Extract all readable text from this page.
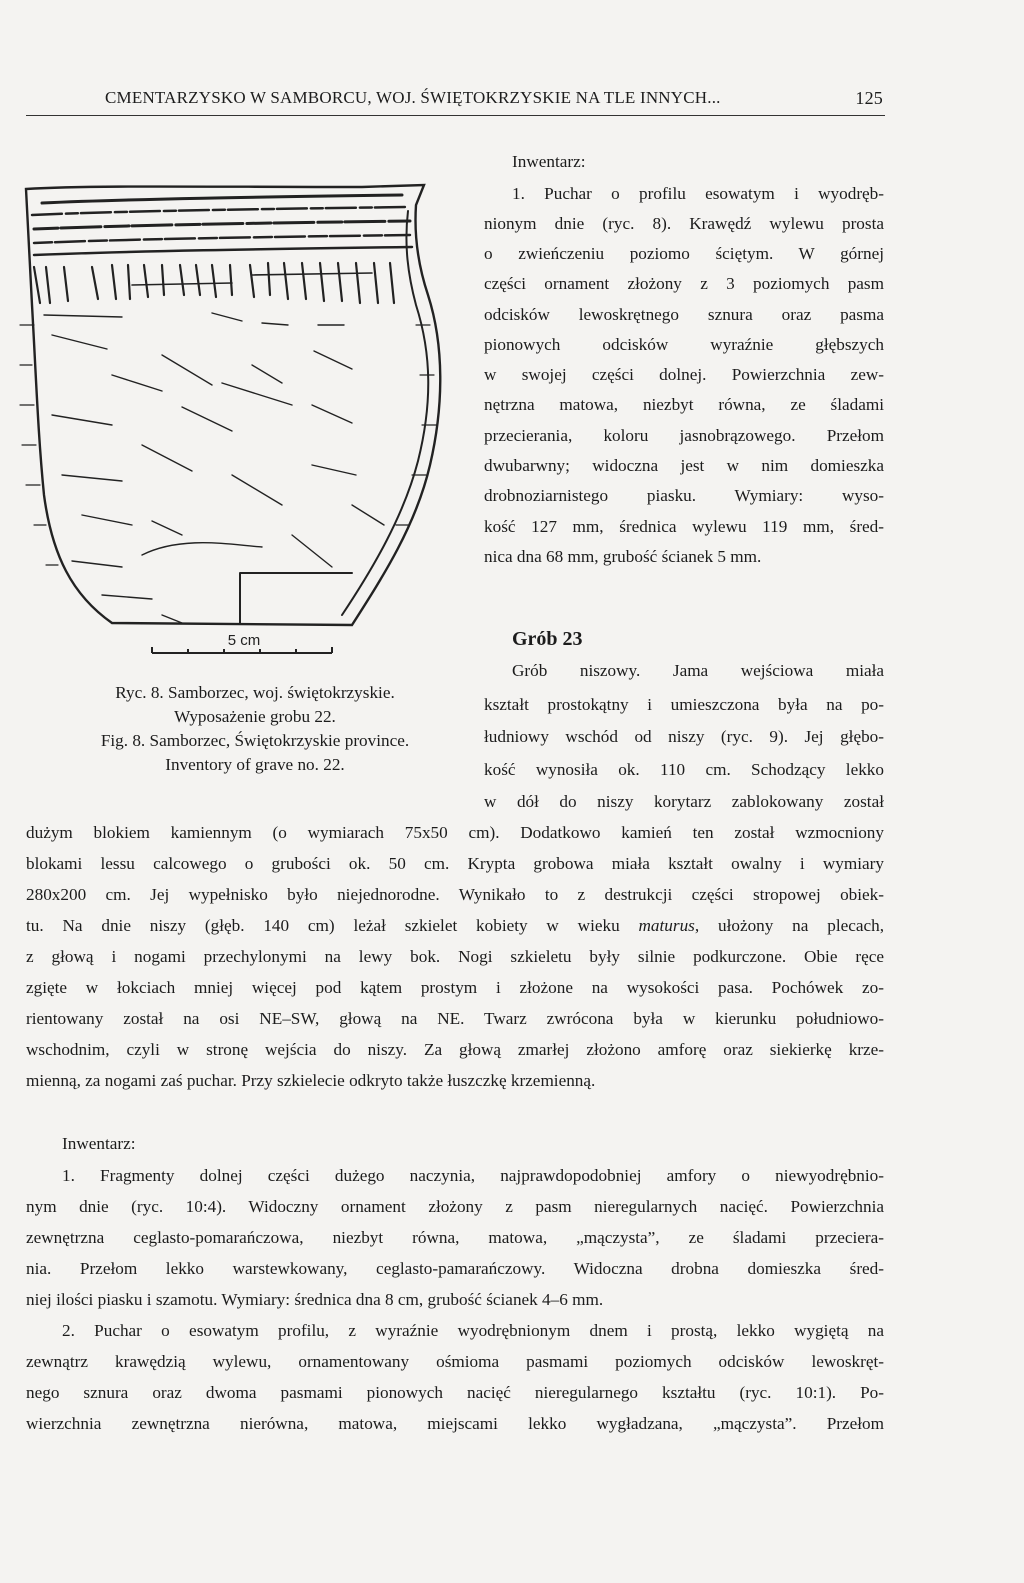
CMENTARZYSKO W SAMBORCU, WOJ. ŚWIĘTOKRZYSKIE NA TLE INNYCH...	125
5 cm
Ryc. 8. Samborzec, woj. świętokrzyskie.
Wyposażenie grobu 22.
Fig. 8. Samborzec, Świętokrzyskie province.
Inventory of grave no. 22.
Inwentarz:
1. Puchar o profilu esowatym i wyodręb-
nionym dnie (ryc. 8). Krawędź wylewu prosta
o zwieńczeniu poziomo ściętym. W górnej
części ornament złożony z 3 poziomych pasm
odcisków lewoskrętnego sznura oraz pasma
pionowych odcisków wyraźnie głębszych
w swojej części dolnej. Powierzchnia zew-
nętrzna matowa, niezbyt równa, ze śladami
przecierania, koloru jasnobrązowego. Przełom
dwubarwny; widoczna jest w nim domieszka
drobnoziarnistego piasku. Wymiary: wyso-
kość 127 mm, średnica wylewu 119 mm, śred-
nica dna 68 mm, grubość ścianek 5 mm.
Grób 23
Grób niszowy. Jama wejściowa miała
kształt prostokątny i umieszczona była na po-
łudniowy wschód od niszy (ryc. 9). Jej głębo-
kość wynosiła ok. 110 cm. Schodzący lekko
w dół do niszy korytarz zablokowany został
dużym blokiem kamiennym (o wymiarach 75x50 cm). Dodatkowo kamień ten został wzmocniony
blokami lessu calcowego o grubości ok. 50 cm. Krypta grobowa miała kształt owalny i wymiary
280x200 cm. Jej wypełnisko było niejednorodne. Wynikało to z destrukcji części stropowej obiek-
tu. Na dnie niszy (głęb. 140 cm) leżał szkielet kobiety w wieku maturus, ułożony na plecach,
z głową i nogami przechylonymi na lewy bok. Nogi szkieletu były silnie podkurczone. Obie ręce
zgięte w łokciach mniej więcej pod kątem prostym i złożone na wysokości pasa. Pochówek zo-
rientowany został na osi NE–SW, głową na NE. Twarz zwrócona była w kierunku południowo-
wschodnim, czyli w stronę wejścia do niszy. Za głową zmarłej złożono amforę oraz siekierkę krze-
mienną, za nogami zaś puchar. Przy szkielecie odkryto także łuszczkę krzemienną.
Inwentarz:
1. Fragmenty dolnej części dużego naczynia, najprawdopodobniej amfory o niewyodrębnio-
nym dnie (ryc. 10:4). Widoczny ornament złożony z pasm nieregularnych nacięć. Powierzchnia
zewnętrzna ceglasto-pomarańczowa, niezbyt równa, matowa, „mączysta”, ze śladami przeciera-
nia. Przełom lekko warstewkowany, ceglasto-pamarańczowy. Widoczna drobna domieszka śred-
niej ilości piasku i szamotu. Wymiary: średnica dna 8 cm, grubość ścianek 4–6 mm.
2. Puchar o esowatym profilu, z wyraźnie wyodrębnionym dnem i prostą, lekko wygiętą na
zewnątrz krawędzią wylewu, ornamentowany ośmioma pasmami poziomych odcisków lewoskręt-
nego sznura oraz dwoma pasmami pionowych nacięć nieregularnego kształtu (ryc. 10:1). Po-
wierzchnia zewnętrzna nierówna, matowa, miejscami lekko wygładzana, „mączysta”. Przełom
